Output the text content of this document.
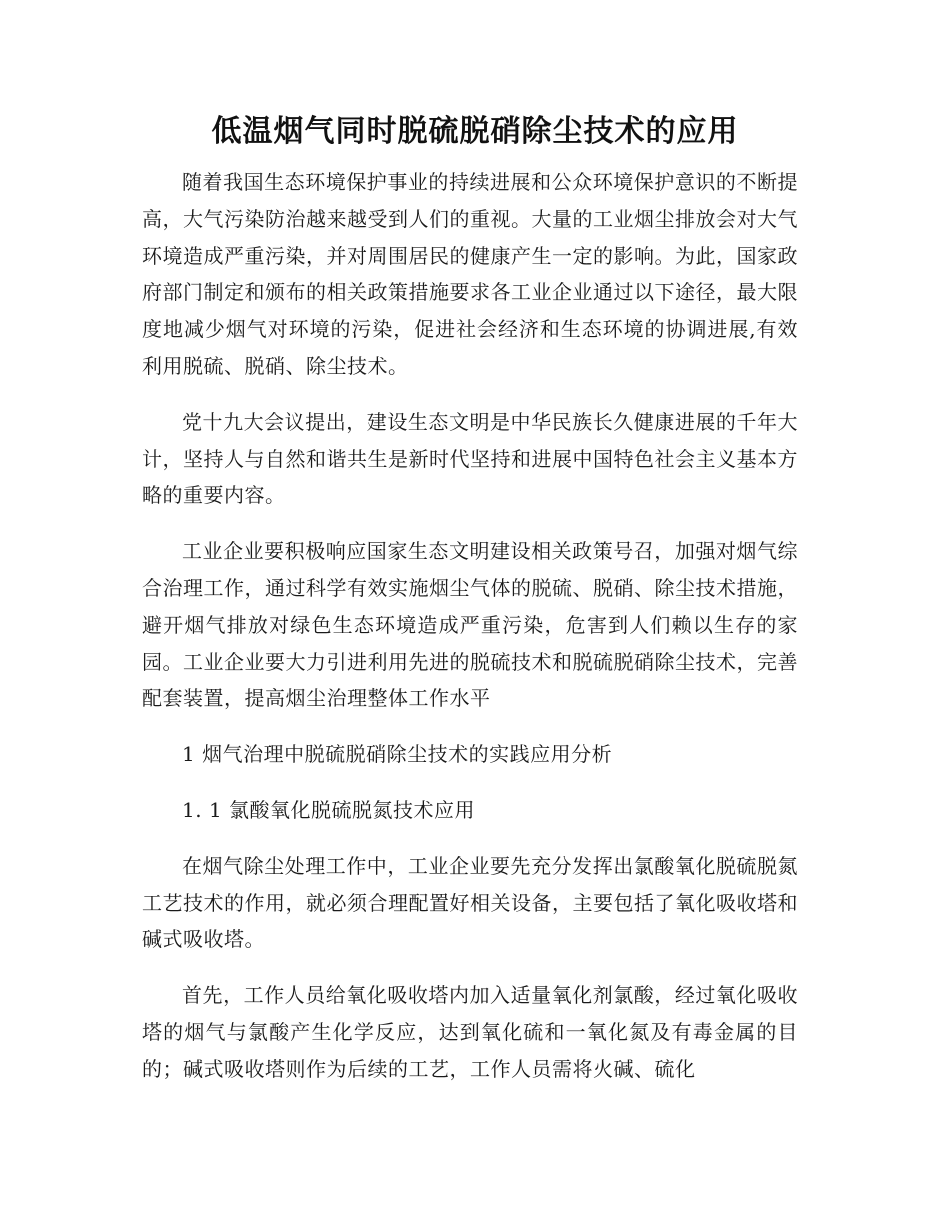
低温烟气同时脱硫脱硝除尘技术的应用

随着我国生态环境保护事业的持续进展和公众环境保护意识的不断提高，大气污染防治越来越受到人们的重视。大量的工业烟尘排放会对大气环境造成严重污染，并对周围居民的健康产生一定的影响。为此，国家政府部门制定和颁布的相关政策措施要求各工业企业通过以下途径，最大限度地减少烟气对环境的污染，促进社会经济和生态环境的协调进展,有效利用脱硫、脱硝、除尘技术。

党十九大会议提出，建设生态文明是中华民族长久健康进展的千年大计，坚持人与自然和谐共生是新时代坚持和进展中国特色社会主义基本方略的重要内容。

工业企业要积极响应国家生态文明建设相关政策号召，加强对烟气综合治理工作，通过科学有效实施烟尘气体的脱硫、脱硝、除尘技术措施，避开烟气排放对绿色生态环境造成严重污染，危害到人们赖以生存的家园。工业企业要大力引进利用先进的脱硫技术和脱硫脱硝除尘技术，完善配套装置，提高烟尘治理整体工作水平

1 烟气治理中脱硫脱硝除尘技术的实践应用分析

1. 1 氯酸氧化脱硫脱氮技术应用

在烟气除尘处理工作中，工业企业要先充分发挥出氯酸氧化脱硫脱氮工艺技术的作用，就必须合理配置好相关设备，主要包括了氧化吸收塔和碱式吸收塔。

首先，工作人员给氧化吸收塔内加入适量氧化剂氯酸，经过氧化吸收塔的烟气与氯酸产生化学反应，达到氧化硫和一氧化氮及有毒金属的目的；碱式吸收塔则作为后续的工艺，工作人员需将火碱、硫化
